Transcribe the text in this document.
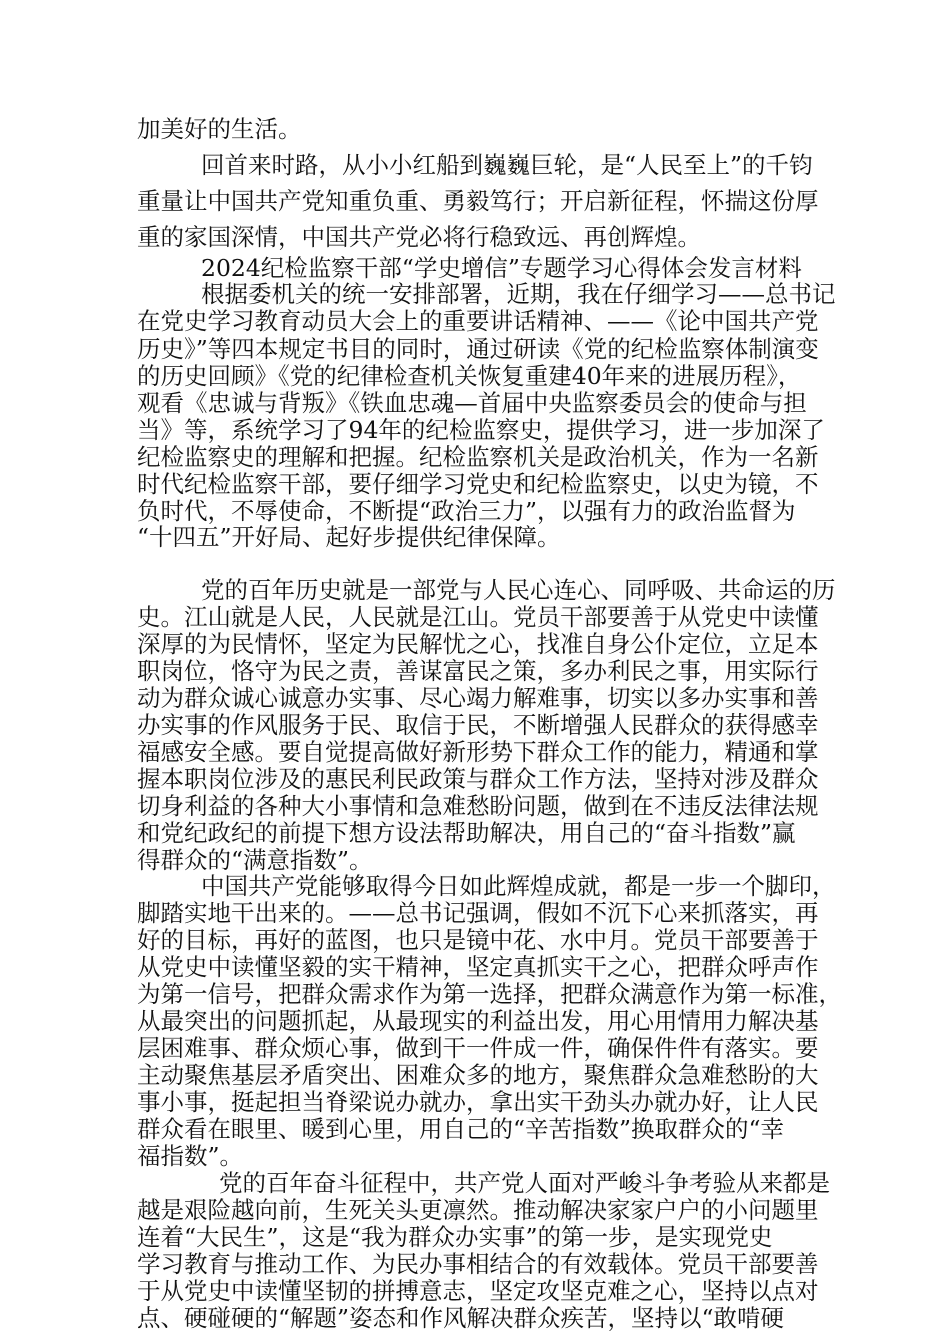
加美好的生活。
回首来时路，从小小红船到巍巍巨轮，是“人民至上”的千钧
重量让中国共产党知重负重、勇毅笃行；开启新征程，怀揣这份厚
重的家国深情，中国共产党必将行稳致远、再创辉煌。
2024纪检监察干部“学史增信”专题学习心得体会发言材料
根据委机关的统一安排部署，近期，我在仔细学习——总书记
在党史学习教育动员大会上的重要讲话精神、——《论中国共产党
历史》”等四本规定书目的同时，通过研读《党的纪检监察体制演变
的历史回顾》《党的纪律检查机关恢复重建40年来的进展历程》，
观看《忠诚与背叛》《铁血忠魂—首届中央监察委员会的使命与担
当》等，系统学习了94年的纪检监察史，提供学习，进一步加深了
纪检监察史的理解和把握。纪检监察机关是政治机关，作为一名新
时代纪检监察干部，要仔细学习党史和纪检监察史，以史为镜，不
负时代，不辱使命，不断提“政治三力”，以强有力的政治监督为
“十四五”开好局、起好步提供纪律保障。
党的百年历史就是一部党与人民心连心、同呼吸、共命运的历
史。江山就是人民，人民就是江山。党员干部要善于从党史中读懂
深厚的为民情怀，坚定为民解忧之心，找准自身公仆定位，立足本
职岗位，恪守为民之责，善谋富民之策，多办利民之事，用实际行
动为群众诚心诚意办实事、尽心竭力解难事，切实以多办实事和善
办实事的作风服务于民、取信于民，不断增强人民群众的获得感幸
福感安全感。要自觉提高做好新形势下群众工作的能力，精通和掌
握本职岗位涉及的惠民利民政策与群众工作方法，坚持对涉及群众
切身利益的各种大小事情和急难愁盼问题，做到在不违反法律法规
和党纪政纪的前提下想方设法帮助解决，用自己的“奋斗指数”赢
得群众的“满意指数”。
中国共产党能够取得今日如此辉煌成就，都是一步一个脚印，
脚踏实地干出来的。——总书记强调，假如不沉下心来抓落实，再
好的目标，再好的蓝图，也只是镜中花、水中月。党员干部要善于
从党史中读懂坚毅的实干精神，坚定真抓实干之心，把群众呼声作
为第一信号，把群众需求作为第一选择，把群众满意作为第一标准，
从最突出的问题抓起，从最现实的利益出发，用心用情用力解决基
层困难事、群众烦心事，做到干一件成一件，确保件件有落实。要
主动聚焦基层矛盾突出、困难众多的地方，聚焦群众急难愁盼的大
事小事，挺起担当脊梁说办就办，拿出实干劲头办就办好，让人民
群众看在眼里、暖到心里，用自己的“辛苦指数”换取群众的“幸
福指数”。
党的百年奋斗征程中，共产党人面对严峻斗争考验从来都是
越是艰险越向前，生死关头更凛然。推动解决家家户户的小问题里
连着“大民生”，这是“我为群众办实事”的第一步，是实现党史
学习教育与推动工作、为民办事相结合的有效载体。党员干部要善
于从党史中读懂坚韧的拼搏意志，坚定攻坚克难之心，坚持以点对
点、硬碰硬的“解题”姿态和作风解决群众疾苦，坚持以“敢啃硬
